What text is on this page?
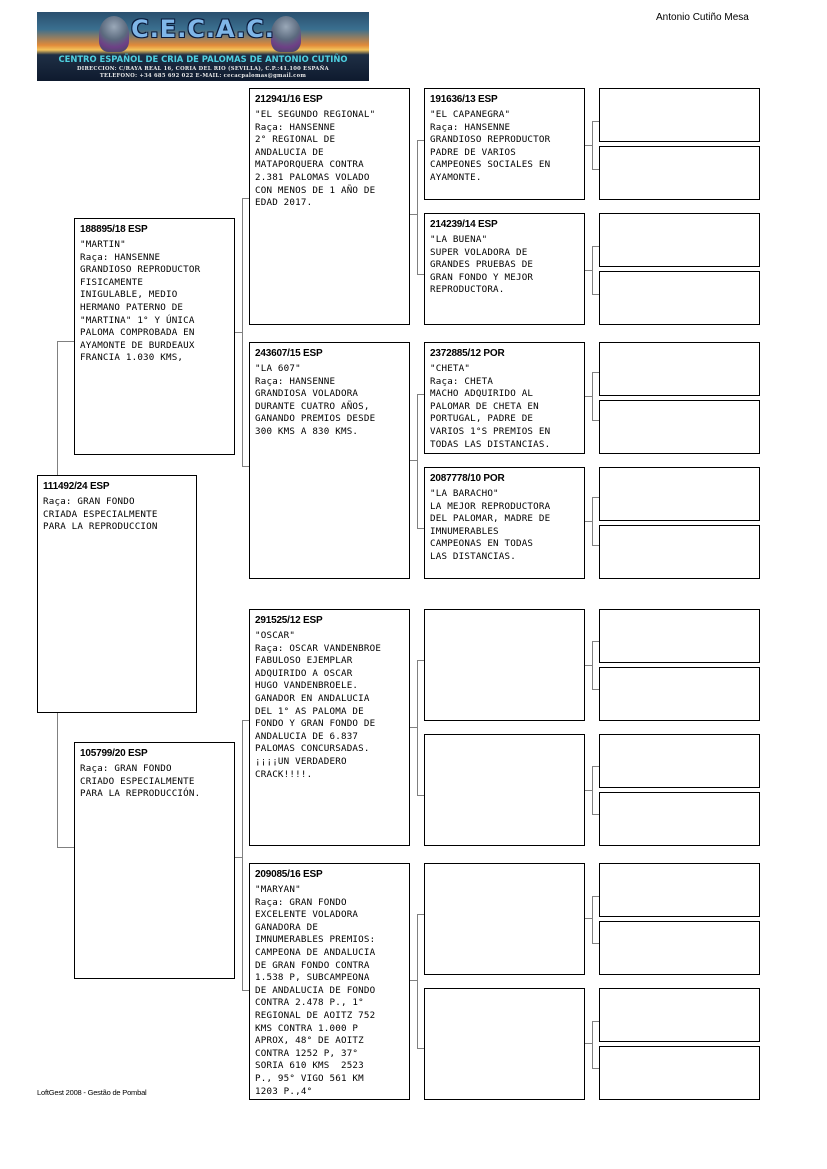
C.E.C.A.C.
CENTRO ESPAÑOL DE CRIA DE PALOMAS DE ANTONIO CUTIÑO
DIRECCION: C/RAYA REAL 16, CORIA DEL RIO (SEVILLA), C.P.:41.100 ESPAÑA
TELEFONO: +34 685 692 022 E-MAIL: cecacpalomas@gmail.com
Antonio Cutiño Mesa
111492/24 ESP
Raça: GRAN FONDO
CRIADA ESPECIALMENTE
PARA LA REPRODUCCION
188895/18 ESP
"MARTIN"
Raça: HANSENNE
GRANDIOSO REPRODUCTOR
FISICAMENTE
INIGULABLE, MEDIO
HERMANO PATERNO DE
"MARTINA" 1° Y ÚNICA
PALOMA COMPROBADA EN
AYAMONTE DE BURDEAUX
FRANCIA 1.030 KMS,
105799/20 ESP
Raça: GRAN FONDO
CRIADO ESPECIALMENTE
PARA LA REPRODUCCIÓN.
212941/16 ESP
"EL SEGUNDO REGIONAL"
Raça: HANSENNE
2° REGIONAL DE
ANDALUCIA DE
MATAPORQUERA CONTRA
2.381 PALOMAS VOLADO
CON MENOS DE 1 AÑO DE
EDAD 2017.
243607/15 ESP
"LA 607"
Raça: HANSENNE
GRANDIOSA VOLADORA
DURANTE CUATRO AÑOS,
GANANDO PREMIOS DESDE
300 KMS A 830 KMS.
291525/12 ESP
"OSCAR"
Raça: OSCAR VANDENBROE
FABULOSO EJEMPLAR
ADQUIRIDO A OSCAR
HUGO VANDENBROELE.
GANADOR EN ANDALUCIA
DEL 1° AS PALOMA DE
FONDO Y GRAN FONDO DE
ANDALUCIA DE 6.837
PALOMAS CONCURSADAS.
¡¡¡¡UN VERDADERO
CRACK!!!!.
209085/16 ESP
"MARYAN"
Raça: GRAN FONDO
EXCELENTE VOLADORA
GANADORA DE
IMNUMERABLES PREMIOS:
CAMPEONA DE ANDALUCIA
DE GRAN FONDO CONTRA
1.538 P, SUBCAMPEONA
DE ANDALUCIA DE FONDO
CONTRA 2.478 P., 1°
REGIONAL DE AOITZ 752
KMS CONTRA 1.000 P
APROX, 48° DE AOITZ
CONTRA 1252 P, 37°
SORIA 610 KMS  2523
P., 95° VIGO 561 KM
1203 P.,4°
191636/13 ESP
"EL CAPANEGRA"
Raça: HANSENNE
GRANDIOSO REPRODUCTOR
PADRE DE VARIOS
CAMPEONES SOCIALES EN
AYAMONTE.
214239/14 ESP
"LA BUENA"
SUPER VOLADORA DE
GRANDES PRUEBAS DE
GRAN FONDO Y MEJOR
REPRODUCTORA.
2372885/12 POR
"CHETA"
Raça: CHETA
MACHO ADQUIRIDO AL
PALOMAR DE CHETA EN
PORTUGAL, PADRE DE
VARIOS 1°S PREMIOS EN
TODAS LAS DISTANCIAS.
2087778/10 POR
"LA BARACHO"
LA MEJOR REPRODUCTORA
DEL PALOMAR, MADRE DE
IMNUMERABLES
CAMPEONAS EN TODAS
LAS DISTANCIAS.
LoftGest 2008 - Gestão de Pombal
